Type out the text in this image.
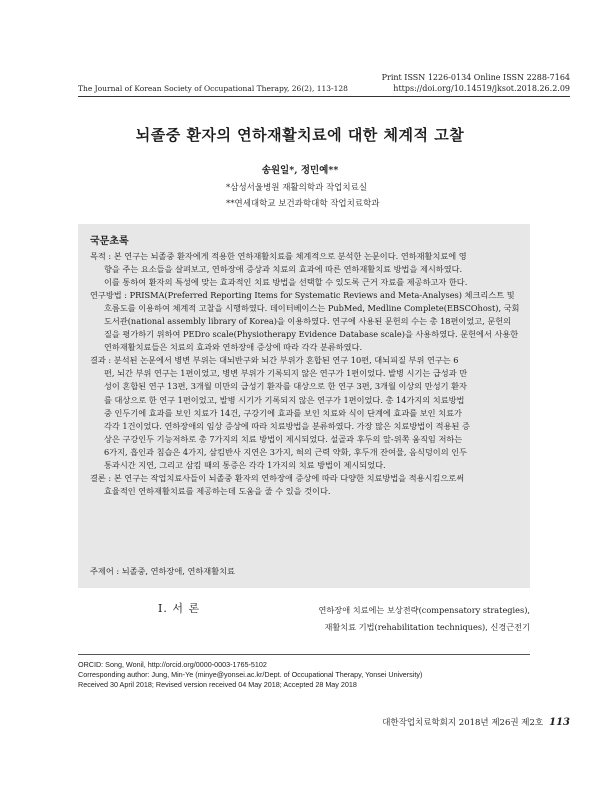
Print ISSN 1226-0134 Online ISSN 2288-7164
https://doi.org/10.14519/jksot.2018.26.2.09
The Journal of Korean Society of Occupational Therapy, 26(2), 113-128
뇌졸중 환자의 연하재활치료에 대한 체계적 고찰
송원일*, 정민예**
*삼성서울병원 재활의학과 작업치료실
**연세대학교 보건과학대학 작업치료학과
국문초록
목적 : 본 연구는 뇌졸중 환자에게 적용한 연하재활치료를 체계적으로 분석한 논문이다. 연하재활치료에 영
향을 주는 요소들을 살펴보고, 연하장애 증상과 치료의 효과에 따른 연하재활치료 방법을 제시하였다.
이를 통하여 환자의 특성에 맞는 효과적인 치료 방법을 선택할 수 있도록 근거 자료를 제공하고자 한다.
연구방법 : PRISMA(Preferred Reporting Items for Systematic Reviews and Meta-Analyses) 체크리스트 및
흐름도를 이용하여 체계적 고찰을 시행하였다. 데이터베이스는 PubMed, Medline Complete(EBSCOhost), 국회
도서관(national assembly library of Korea)을 이용하였다. 연구에 사용된 문헌의 수는 총 18편이었고, 문헌의
질을 평가하기 위하여 PEDro scale(Physiotherapy Evidence Database scale)을 사용하였다. 문헌에서 사용한
연하재활치료들은 치료의 효과와 연하장애 증상에 따라 각각 분류하였다.
결과 : 분석된 논문에서 병변 부위는 대뇌반구와 뇌간 부위가 혼합된 연구 10편, 대뇌피질 부위 연구는 6
편, 뇌간 부위 연구는 1편이었고, 병변 부위가 기록되지 않은 연구가 1편이었다. 발병 시기는 급성과 만
성이 혼합된 연구 13편, 3개월 미만의 급성기 환자를 대상으로 한 연구 3편, 3개월 이상의 만성기 환자
를 대상으로 한 연구 1편이었고, 발병 시기가 기록되지 않은 연구가 1편이었다. 총 14가지의 치료방법
중 인두기에 효과를 보인 치료가 14건, 구강기에 효과를 보인 치료와 식이 단계에 효과를 보인 치료가
각각 1건이었다. 연하장애의 임상 증상에 따라 치료방법을 분류하였다. 가장 많은 치료방법이 적용된 증
상은 구강인두 기능저하로 총 7가지의 치료 방법이 제시되었다. 설골과 후두의 앞-위쪽 움직임 저하는
6가지, 흡인과 침습은 4가지, 삼킴반사 지연은 3가지, 혀의 근력 약화, 후두개 잔여물, 음식덩이의 인두
통과시간 지연, 그리고 삼킴 때의 통증은 각각 1가지의 치료 방법이 제시되었다.
결론 : 본 연구는 작업치료사들이 뇌졸중 환자의 연하장애 증상에 따라 다양한 치료방법을 적용시킴으로써
효율적인 연하재활치료를 제공하는데 도움을 줄 수 있을 것이다.
주제어 : 뇌졸중, 연하장애, 연하재활치료
Ⅰ. 서 론	연하장애 치료에는 보상전략(compensatory strategies),
재활치료 기법(rehabilitation techniques), 신경근전기
ORCID: Song, Wonil, http://orcid.org/0000-0003-1765-5102
Corresponding author: Jung, Min-Ye (minye@yonsei.ac.kr/Dept. of Occupational Therapy, Yonsei University)
Received 30 April 2018; Revised version received 04 May 2018; Accepted 28 May 2018
대한작업치료학회지 2018년 제26권 제2호 113
